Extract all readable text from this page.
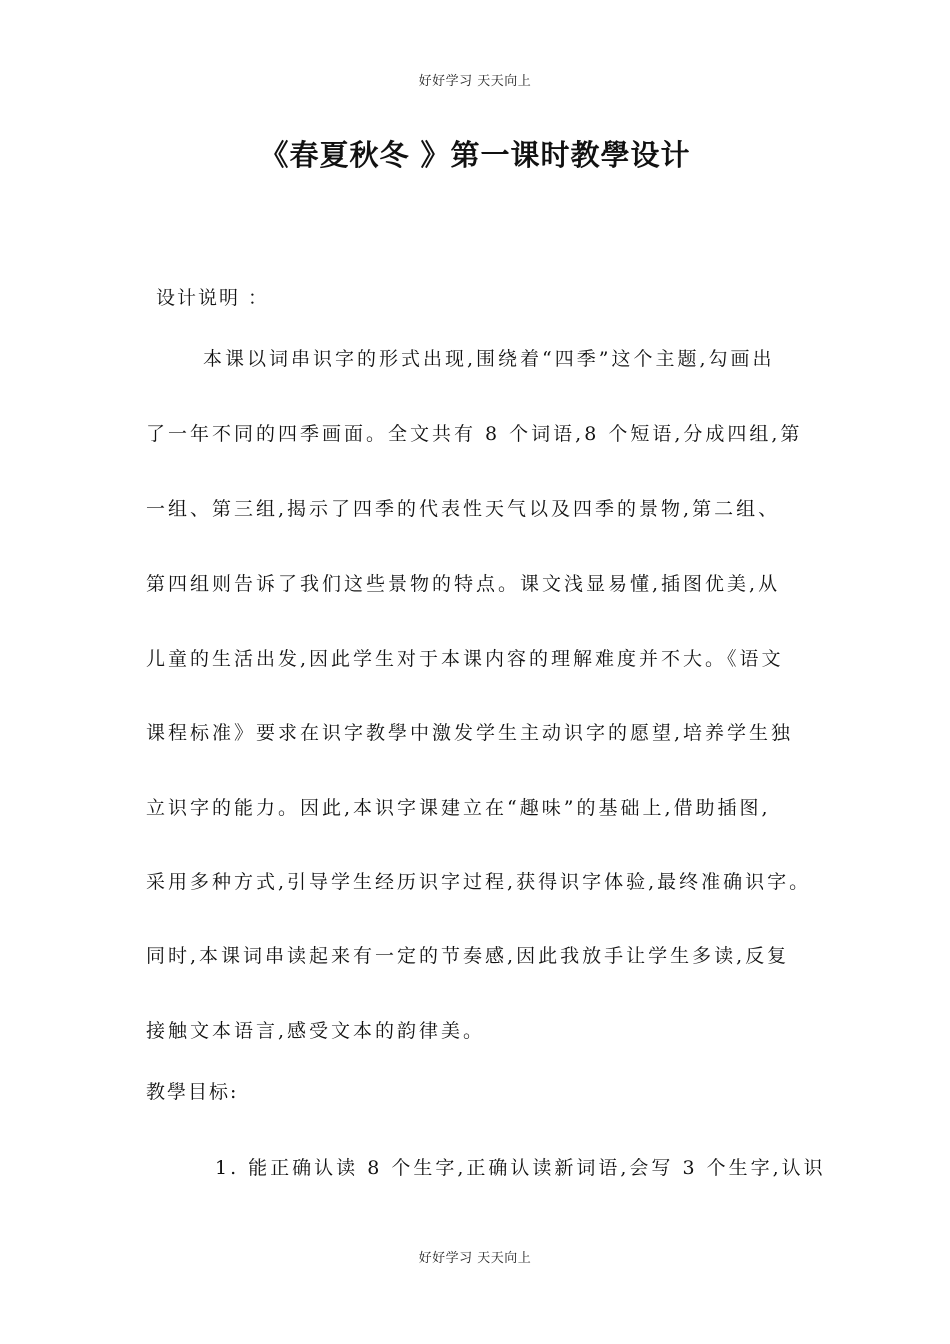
好好学习 天天向上
《春夏秋冬 》第一课时教學设计
设计说明 ：

本课以词串识字的形式出现,围绕着“四季”这个主题,勾画出

了一年不同的四季画面。全文共有 8 个词语,8 个短语,分成四组,第

一组、第三组,揭示了四季的代表性天气以及四季的景物,第二组、

第四组则告诉了我们这些景物的特点。课文浅显易懂,插图优美,从

儿童的生活出发,因此学生对于本课内容的理解难度并不大。《语文

课程标准》要求在识字教學中激发学生主动识字的愿望,培养学生独

立识字的能力。因此,本识字课建立在“趣味”的基础上,借助插图,

采用多种方式,引导学生经历识字过程,获得识字体验,最终准确识字。

同时,本课词串读起来有一定的节奏感,因此我放手让学生多读,反复

接触文本语言,感受文本的韵律美。

教學目标:

1. 能正确认读 8 个生字,正确认读新词语,会写 3 个生字,认识

好好学习 天天向上
